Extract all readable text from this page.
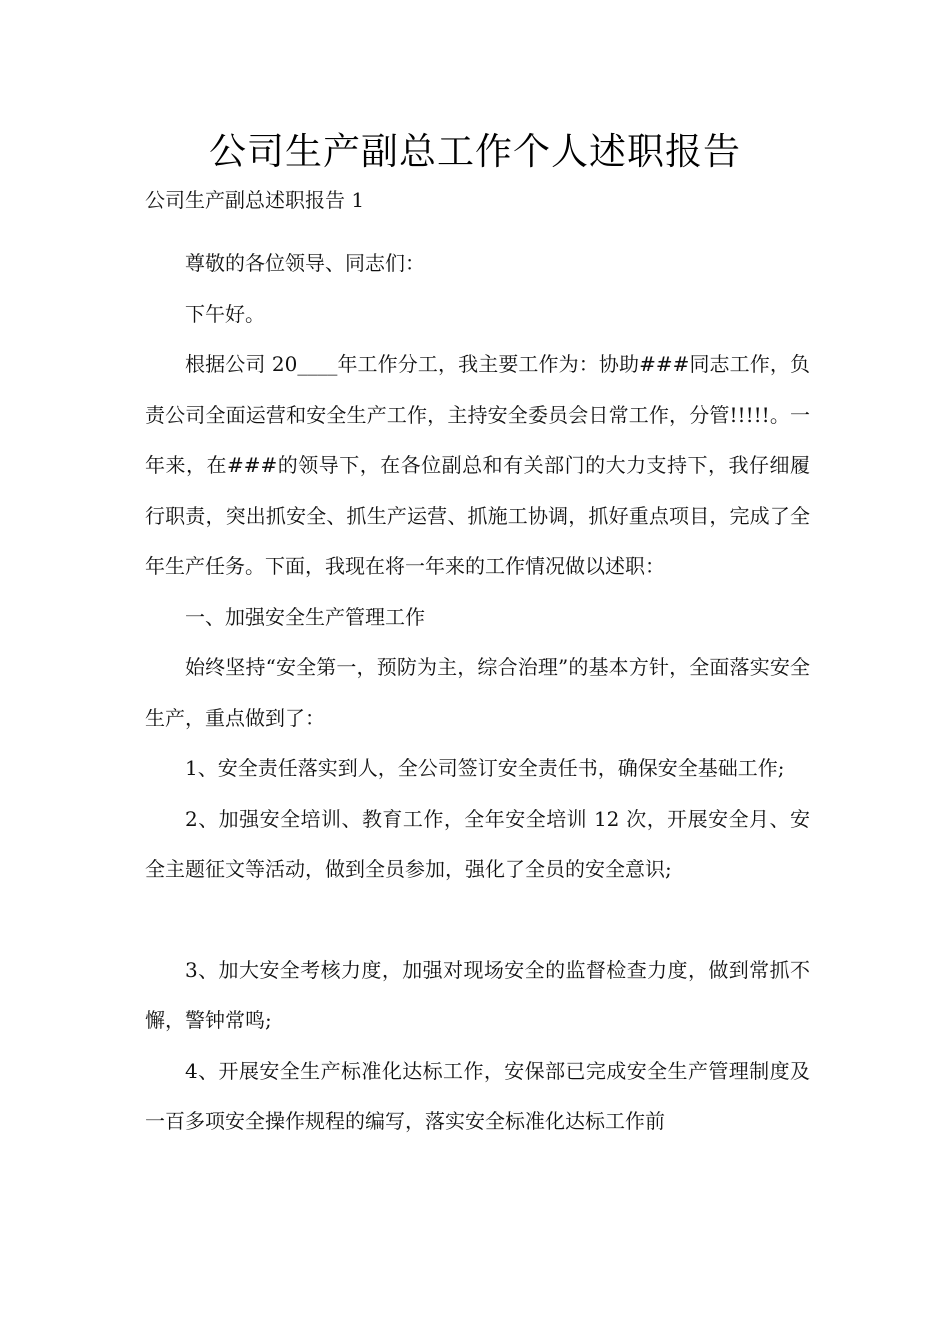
公司生产副总工作个人述职报告
公司生产副总述职报告 1

尊敬的各位领导、同志们：

下午好。

根据公司 20____年工作分工，我主要工作为：协助###同志工作，负责公司全面运营和安全生产工作，主持安全委员会日常工作，分管!!!!!。一年来，在###的领导下，在各位副总和有关部门的大力支持下，我仔细履行职责，突出抓安全、抓生产运营、抓施工协调，抓好重点项目，完成了全年生产任务。下面，我现在将一年来的工作情况做以述职：

一、加强安全生产管理工作

始终坚持“安全第一，预防为主，综合治理”的基本方针，全面落实安全生产，重点做到了：

1、安全责任落实到人，全公司签订安全责任书，确保安全基础工作;

2、加强安全培训、教育工作，全年安全培训 12 次，开展安全月、安全主题征文等活动，做到全员参加，强化了全员的安全意识;

3、加大安全考核力度，加强对现场安全的监督检查力度，做到常抓不懈，警钟常鸣;

4、开展安全生产标准化达标工作，安保部已完成安全生产管理制度及一百多项安全操作规程的编写，落实安全标准化达标工作前
